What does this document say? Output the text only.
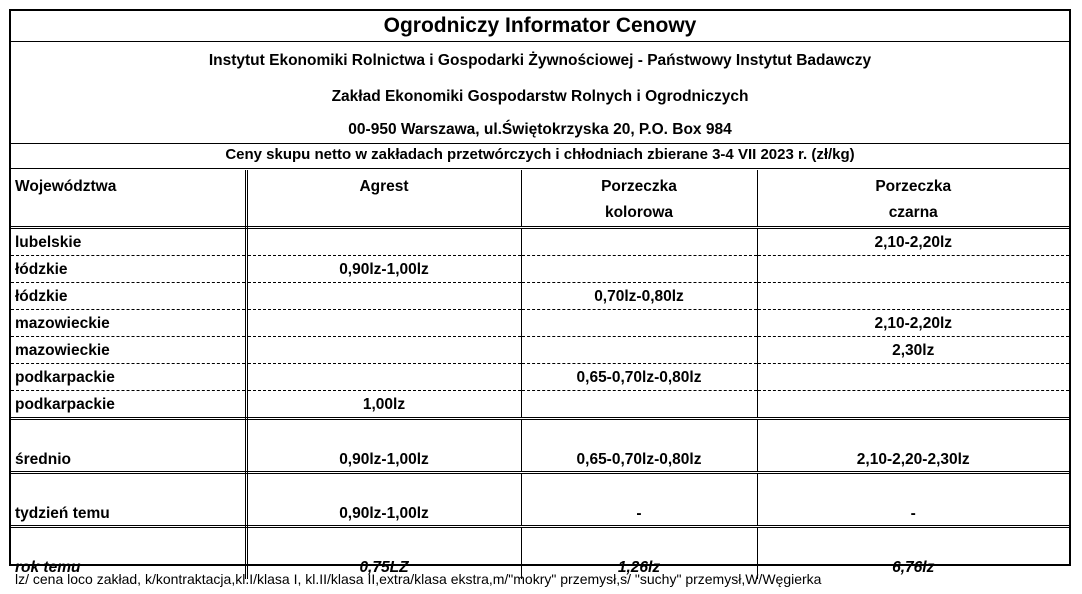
Ogrodniczy Informator Cenowy
Instytut Ekonomiki Rolnictwa i Gospodarki Żywnościowej - Państwowy Instytut Badawczy
Zakład Ekonomiki Gospodarstw Rolnych i Ogrodniczych
00-950 Warszawa, ul.Świętokrzyska 20, P.O. Box 984
Ceny skupu netto w zakładach przetwórczych i chłodniach zbierane 3-4 VII 2023 r. (zł/kg)
Województwa	Agrest	Porzeczka kolorowa	Porzeczka czarna
lubelskie			2,10-2,20lz
łódzkie	0,90lz-1,00lz		
łódzkie		0,70lz-0,80lz	
mazowieckie			2,10-2,20lz
mazowieckie			2,30lz
podkarpackie		0,65-0,70lz-0,80lz	
podkarpackie	1,00lz		
średnio	0,90lz-1,00lz	0,65-0,70lz-0,80lz	2,10-2,20-2,30lz
tydzień temu	0,90lz-1,00lz	-	-
rok temu	0,75LZ	1,26lz	6,76lz
lz/ cena loco zakład, k/kontraktacja,kl.I/klasa I, kl.II/klasa II,extra/klasa ekstra,m/"mokry" przemysł,s/ "suchy" przemysł,W/Węgierka
